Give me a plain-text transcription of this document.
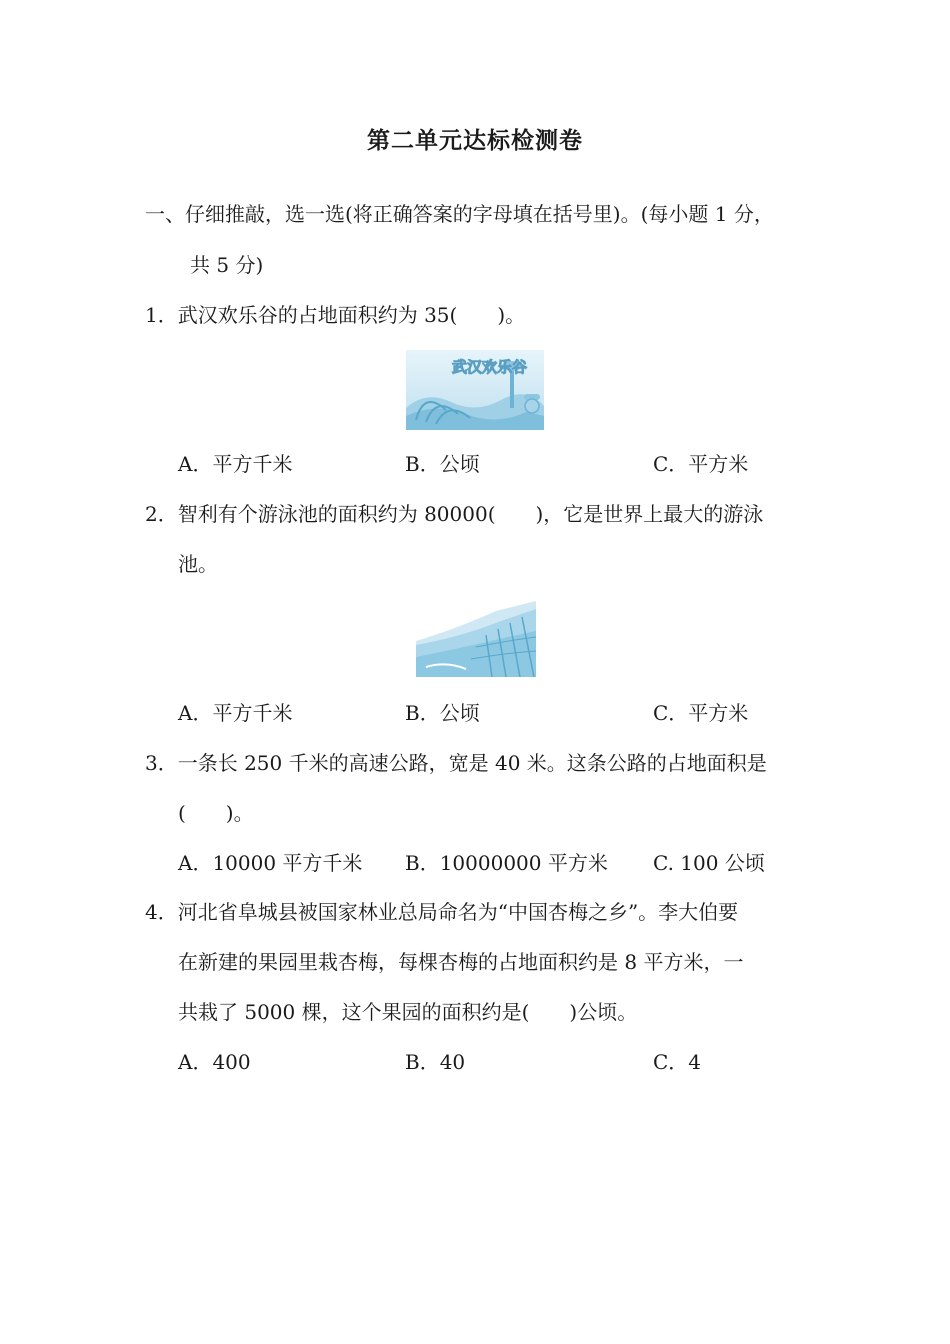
第二单元达标检测卷
一、仔细推敲，选一选(将正确答案的字母填在括号里)。(每小题 1 分，
共 5 分)
1．武汉欢乐谷的占地面积约为 35(　　)。
武汉欢乐谷
A．平方千米	B．公顷	C．平方米
2．智利有个游泳池的面积约为 80000(　　)，它是世界上最大的游泳
池。
A．平方千米	B．公顷	C．平方米
3．一条长 250 千米的高速公路，宽是 40 米。这条公路的占地面积是
(　　)。
A．10000 平方千米 B．10000000 平方米 C. 100 公顷
4．河北省阜城县被国家林业总局命名为“中国杏梅之乡”。李大伯要
在新建的果园里栽杏梅，每棵杏梅的占地面积约是 8 平方米，一
共栽了 5000 棵，这个果园的面积约是(　　)公顷。
A．400	B．40	C．4
